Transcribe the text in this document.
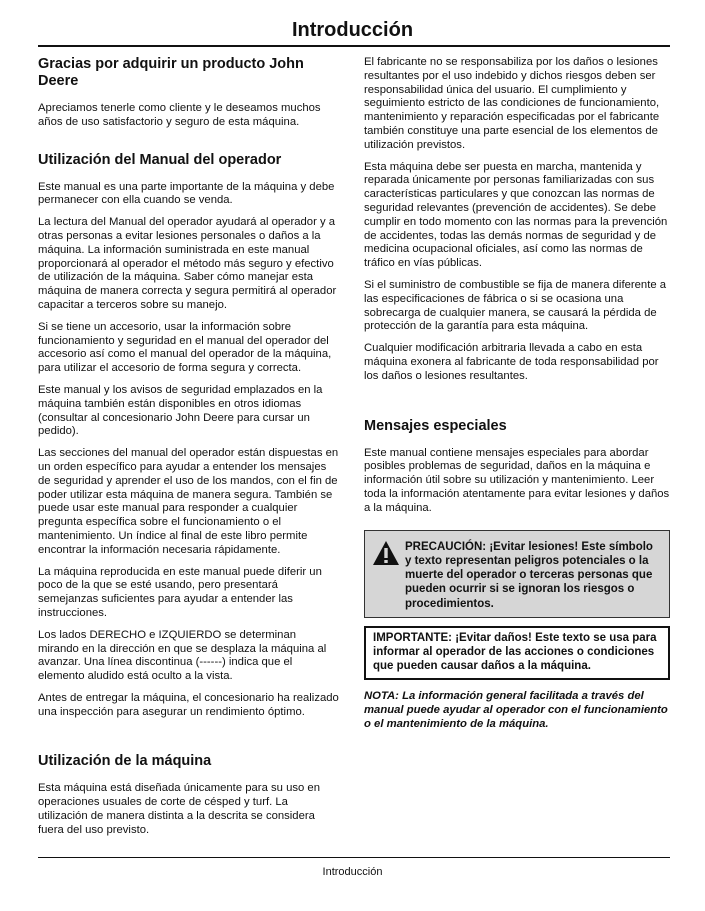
Introducción
Gracias por adquirir un producto John Deere

Apreciamos tenerle como cliente y le deseamos muchos años de uso satisfactorio y seguro de esta máquina.

Utilización del Manual del operador

Este manual es una parte importante de la máquina y debe permanecer con ella cuando se venda.

La lectura del Manual del operador ayudará al operador y a otras personas a evitar lesiones personales o daños a la máquina. La información suministrada en este manual proporcionará al operador el método más seguro y efectivo de utilización de la máquina. Saber cómo manejar esta máquina de manera correcta y segura permitirá al operador capacitar a terceros sobre su manejo.

Si se tiene un accesorio, usar la información sobre funcionamiento y seguridad en el manual del operador del accesorio así como el manual del operador de la máquina, para utilizar el accesorio de forma segura y correcta.

Este manual y los avisos de seguridad emplazados en la máquina también están disponibles en otros idiomas (consultar al concesionario John Deere para cursar un pedido).

Las secciones del manual del operador están dispuestas en un orden específico para ayudar a entender los mensajes de seguridad y aprender el uso de los mandos, con el fin de poder utilizar esta máquina de manera segura. También se puede usar este manual para responder a cualquier pregunta específica sobre el funcionamiento o el mantenimiento. Un índice al final de este libro permite encontrar la información necesaria rápidamente.

La máquina reproducida en este manual puede diferir un poco de la que se esté usando, pero presentará semejanzas suficientes para ayudar a entender las instrucciones.

Los lados DERECHO e IZQUIERDO se determinan mirando en la dirección en que se desplaza la máquina al avanzar. Una línea discontinua (------) indica que el elemento aludido está oculto a la vista.

Antes de entregar la máquina, el concesionario ha realizado una inspección para asegurar un rendimiento óptimo.

Utilización de la máquina

Esta máquina está diseñada únicamente para su uso en operaciones usuales de corte de césped y turf. La utilización de manera distinta a la descrita se considera fuera del uso previsto.

El fabricante no se responsabiliza por los daños o lesiones resultantes por el uso indebido y dichos riesgos deben ser responsabilidad única del usuario. El cumplimiento y seguimiento estricto de las condiciones de funcionamiento, mantenimiento y reparación especificadas por el fabricante también constituye una parte esencial de los elementos de utilización previstos.

Esta máquina debe ser puesta en marcha, mantenida y reparada únicamente por personas familiarizadas con sus características particulares y que conozcan las normas de seguridad relevantes (prevención de accidentes). Se debe cumplir en todo momento con las normas para la prevención de accidentes, todas las demás normas de seguridad y de medicina ocupacional oficiales, así como las normas de tráfico en vías públicas.

Si el suministro de combustible se fija de manera diferente a las especificaciones de fábrica o si se ocasiona una sobrecarga de cualquier manera, se causará la pérdida de protección de la garantía para esta máquina.

Cualquier modificación arbitraria llevada a cabo en esta máquina exonera al fabricante de toda responsabilidad por los daños o lesiones resultantes.

Mensajes especiales

Este manual contiene mensajes especiales para abordar posibles problemas de seguridad, daños en la máquina e información útil sobre su utilización y mantenimiento. Leer toda la información atentamente para evitar lesiones y daños a la máquina.

PRECAUCIÓN: ¡Evitar lesiones! Este símbolo y texto representan peligros potenciales o la muerte del operador o terceras personas que pueden ocurrir si se ignoran los riesgos o procedimientos.
IMPORTANTE: ¡Evitar daños! Este texto se usa para informar al operador de las acciones o condiciones que pueden causar daños a la máquina.

NOTA: La información general facilitada a través del manual puede ayudar al operador con el funcionamiento o el mantenimiento de la máquina.

Introducción
